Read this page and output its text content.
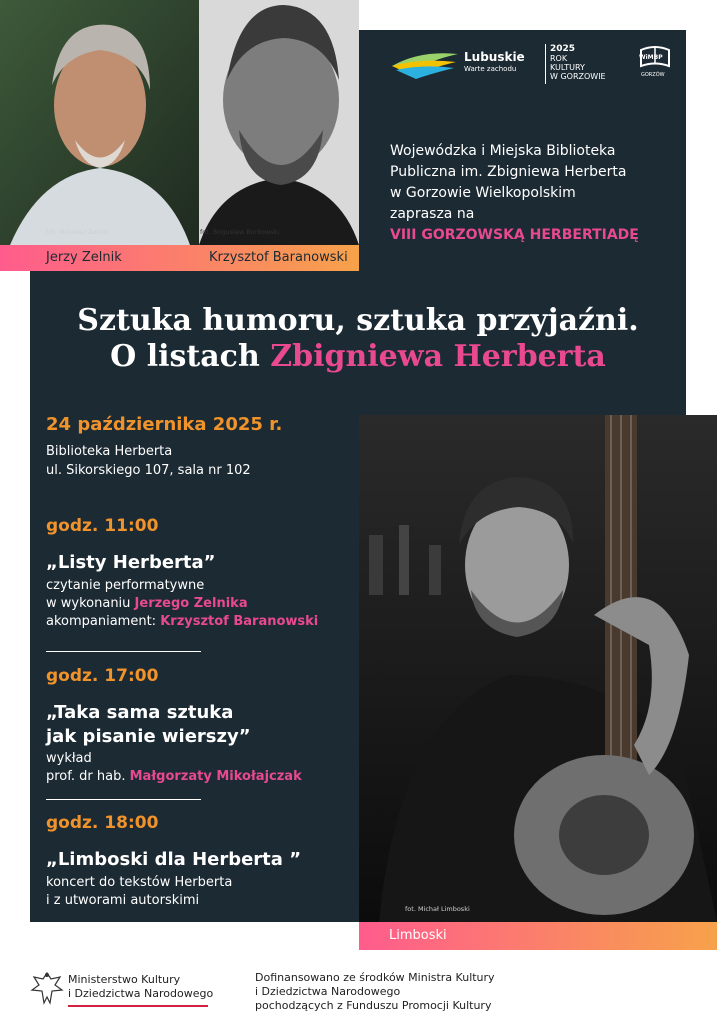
fot. Mateusz Zelnik	fot. Bogusław Borkowski
Jerzy Zelnik	Krzysztof Baranowski
Lubuskie
Warte zachodu
2025
ROK
KULTURY
W GORZOWIE
WiMBP
GORZÓW
Wojewódzka i Miejska Biblioteka
Publiczna im. Zbigniewa Herberta
w Gorzowie Wielkopolskim
zaprasza na
VIII GORZOWSKĄ HERBERTIADĘ
Sztuka humoru, sztuka przyjaźni.
O listach Zbigniewa Herberta
24 października 2025 r.
Biblioteka Herberta
ul. Sikorskiego 107, sala nr 102
godz. 11:00
„Listy Herberta”
czytanie performatywne
w wykonaniu Jerzego Zelnika
akompaniament: Krzysztof Baranowski
godz. 17:00
„Taka sama sztuka
jak pisanie wierszy”
wykład
prof. dr hab. Małgorzaty Mikołajczak
godz. 18:00
„Limboski dla Herberta ”
koncert do tekstów Herberta
i z utworami autorskimi
fot. Michał Limboski
Limboski
Ministerstwo Kultury
i Dziedzictwa Narodowego
Dofinansowano ze środków Ministra Kultury
i Dziedzictwa Narodowego
pochodzących z Funduszu Promocji Kultury
